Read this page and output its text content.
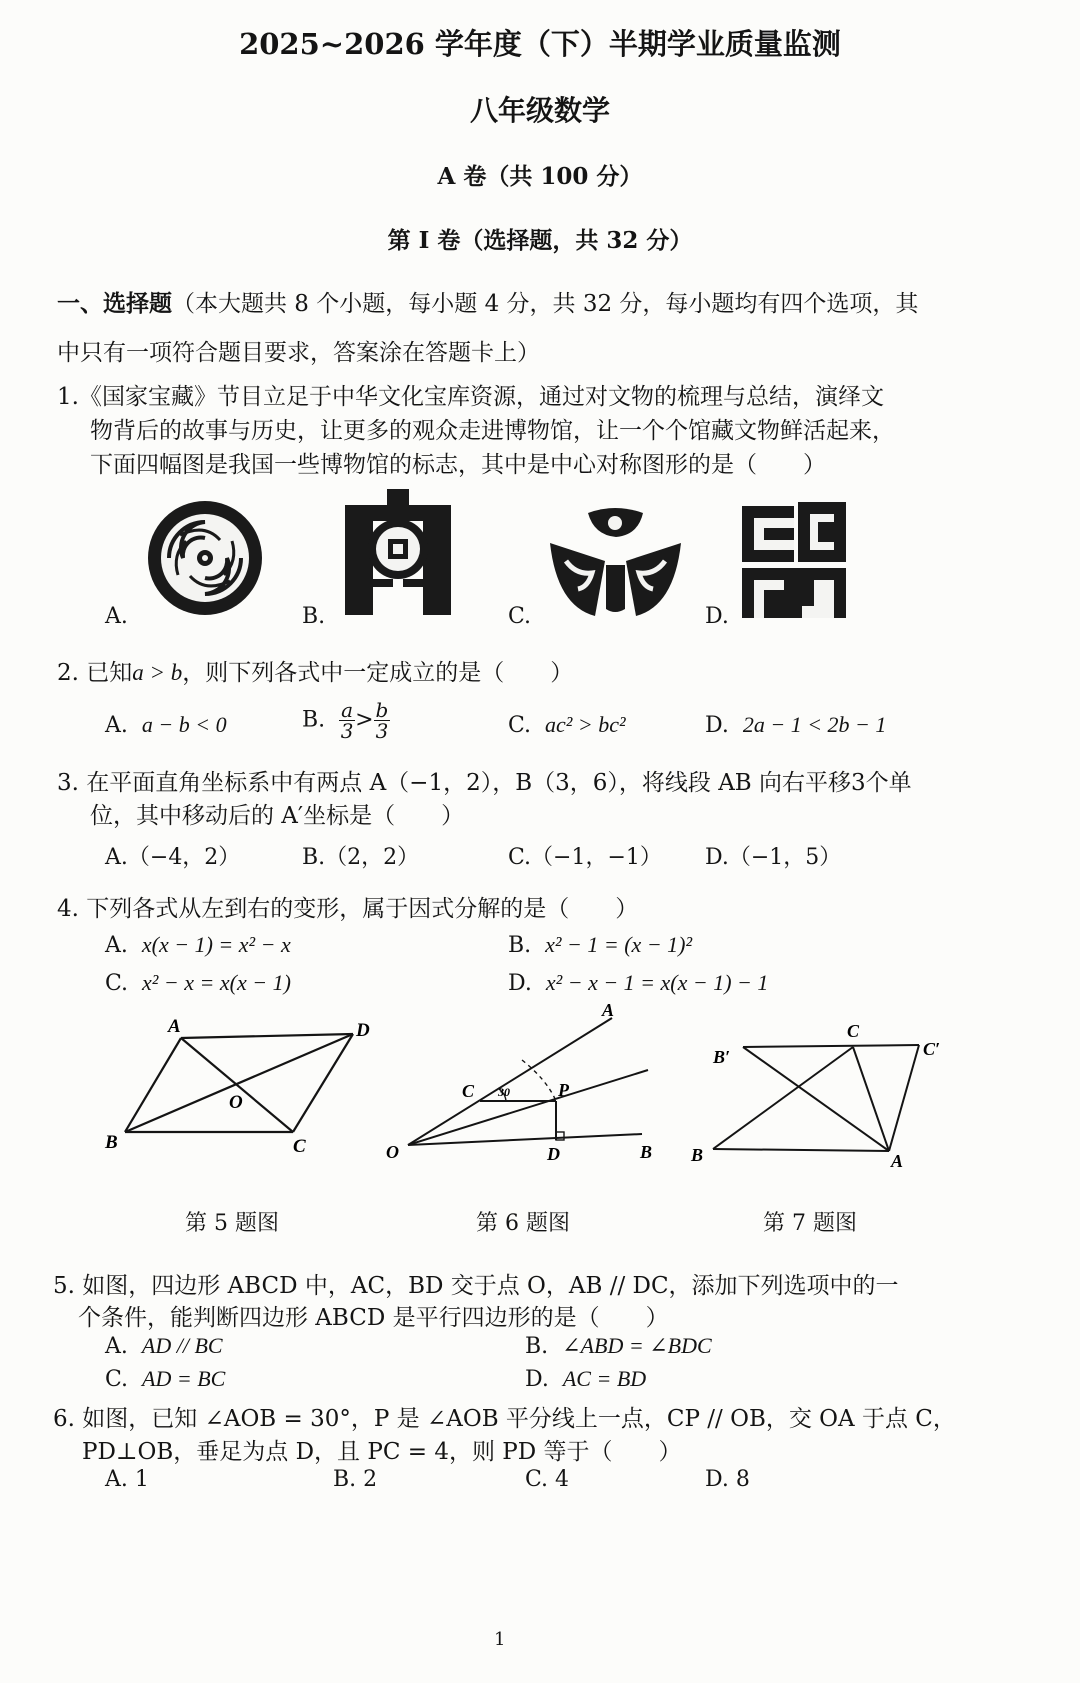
2025~2026 学年度（下）半期学业质量监测
八年级数学
A 卷（共 100 分）
第 I 卷（选择题，共 32 分）
一、选择题（本大题共 8 个小题，每小题 4 分，共 32 分，每小题均有四个选项，其
中只有一项符合题目要求，答案涂在答题卡上）
1.《国家宝藏》节目立足于中华文化宝库资源，通过对文物的梳理与总结，演绎文
物背后的故事与历史，让更多的观众走进博物馆，让一个个馆藏文物鲜活起来，
下面四幅图是我国一些博物馆的标志，其中是中心对称图形的是（　　）
A.	B.	C.	D.
2. 已知a > b，则下列各式中一定成立的是（　　）
A. a − b < 0	B. $\frac{a}{3} > \frac{b}{3}$	C. ac² > bc²	D. 2a − 1 < 2b − 1
3. 在平面直角坐标系中有两点 A（−1，2），B（3，6），将线段 AB 向右平移3个单
位，其中移动后的 A′坐标是（　　）
A.（−4，2）	B.（2，2）	C.（−1，−1） D.（−1，5）
4. 下列各式从左到右的变形，属于因式分解的是（　　）
A. x(x − 1) = x² − x	B. x² − 1 = (x − 1)²
C. x² − x = x(x − 1)	D. x² − x − 1 = x(x − 1) − 1
A	D
O
B	C
C 30
A
P
O	D	B
B′
C
C′
B	A
第 5 题图	第 6 题图	第 7 题图
5. 如图，四边形 ABCD 中，AC，BD 交于点 O，AB // DC，添加下列选项中的一
个条件，能判断四边形 ABCD 是平行四边形的是（　　）
A. AD // BC	B. ∠ABD = ∠BDC
C. AD = BC	D. AC = BD
6. 如图，已知 ∠AOB = 30°，P 是 ∠AOB 平分线上一点，CP // OB，交 OA 于点 C，
PD⊥OB，垂足为点 D，且 PC = 4，则 PD 等于（　　）
A. 1	B. 2	C. 4	D. 8
1
